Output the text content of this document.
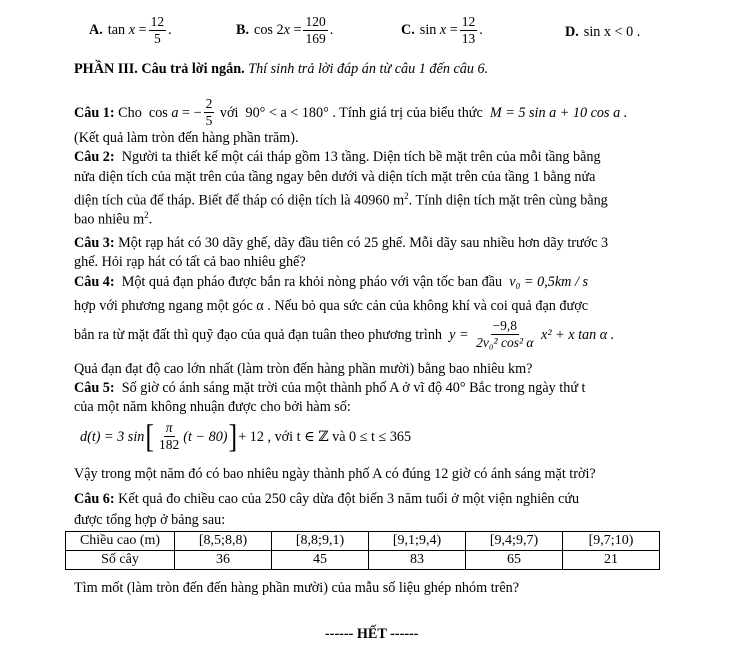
A. tan
$x = \frac{12}{5}$ .	B. cos 2 $x = \frac{120}{169}$ .	C. sin
$x = \frac{12}{13}$ .	D. sin x < 0 .
PHẦN III. Câu trả lời ngắn. Thí sinh trả lời đáp án từ câu 1 đến câu 6.
Câu 1: Cho  cos a = − $\frac{2}{5}$ với  90° < a < 180° . Tính giá trị của biểu thức M = 5 sin a + 10 cos a .
(Kết quả làm tròn đến hàng phần trăm).
Câu 2:  Người ta thiết kế một cái tháp gồm 13 tầng. Diện tích bề mặt trên của mỗi tầng bằng
nửa diện tích của mặt trên của tầng ngay bên dưới và diện tích mặt trên của tầng 1 bằng nửa
diện tích của đế tháp. Biết đế tháp có diện tích là 40960 $m^2$. Tính diện tích mặt trên cùng bằng
bao nhiêu $m^2$.
Câu 3: Một rạp hát có 30 dãy ghế, dãy đầu tiên có 25 ghế. Mỗi dãy sau nhiều hơn dãy trước 3
ghế. Hỏi rạp hát có tất cả bao nhiêu ghế?
Câu 4:  Một quả đạn pháo được bắn ra khỏi nòng pháo với vận tốc ban đầu  v₀ = 0,5km / s
hợp với phương ngang một góc α . Nếu bỏ qua sức cản của không khí và coi quả đạn được
bắn ra từ mặt đất thì quỹ đạo của quả đạn tuân theo phương trình $y = \frac{-9,8}{\text{2v₀² cos² α}} x^2 + x$ tan α .
Quả đạn đạt độ cao lớn nhất (làm tròn đến hàng phần mười) bằng bao nhiêu km?
Câu 5:  Số giờ có ánh sáng mặt trời của một thành phố A ở vĩ độ 40° Bắc trong ngày thứ t
của một năm không nhuận được cho bởi hàm số:
d(t) = 3 sin [ $\frac{\pi}{182} (t - 80)$ ] + 12 , với t ∈ ℤ và 0 ≤ t ≤ 365
Vậy trong một năm đó có bao nhiêu ngày thành phố A có đúng 12 giờ có ánh sáng mặt trời?
Câu 6: Kết quả đo chiều cao của 250 cây dừa đột biến 3 năm tuổi ở một viện nghiên cứu
được tổng hợp ở bảng sau:
Chiều cao (m)	[8,5;8,8)	[8,8;9,1)	[9,1;9,4)	[9,4;9,7)	[9,7;10)
Số cây	36	45	83	65	21
Tìm mốt (làm tròn đến đến hàng phần mười) của mẫu số liệu ghép nhóm trên?
------ HẾT ------
